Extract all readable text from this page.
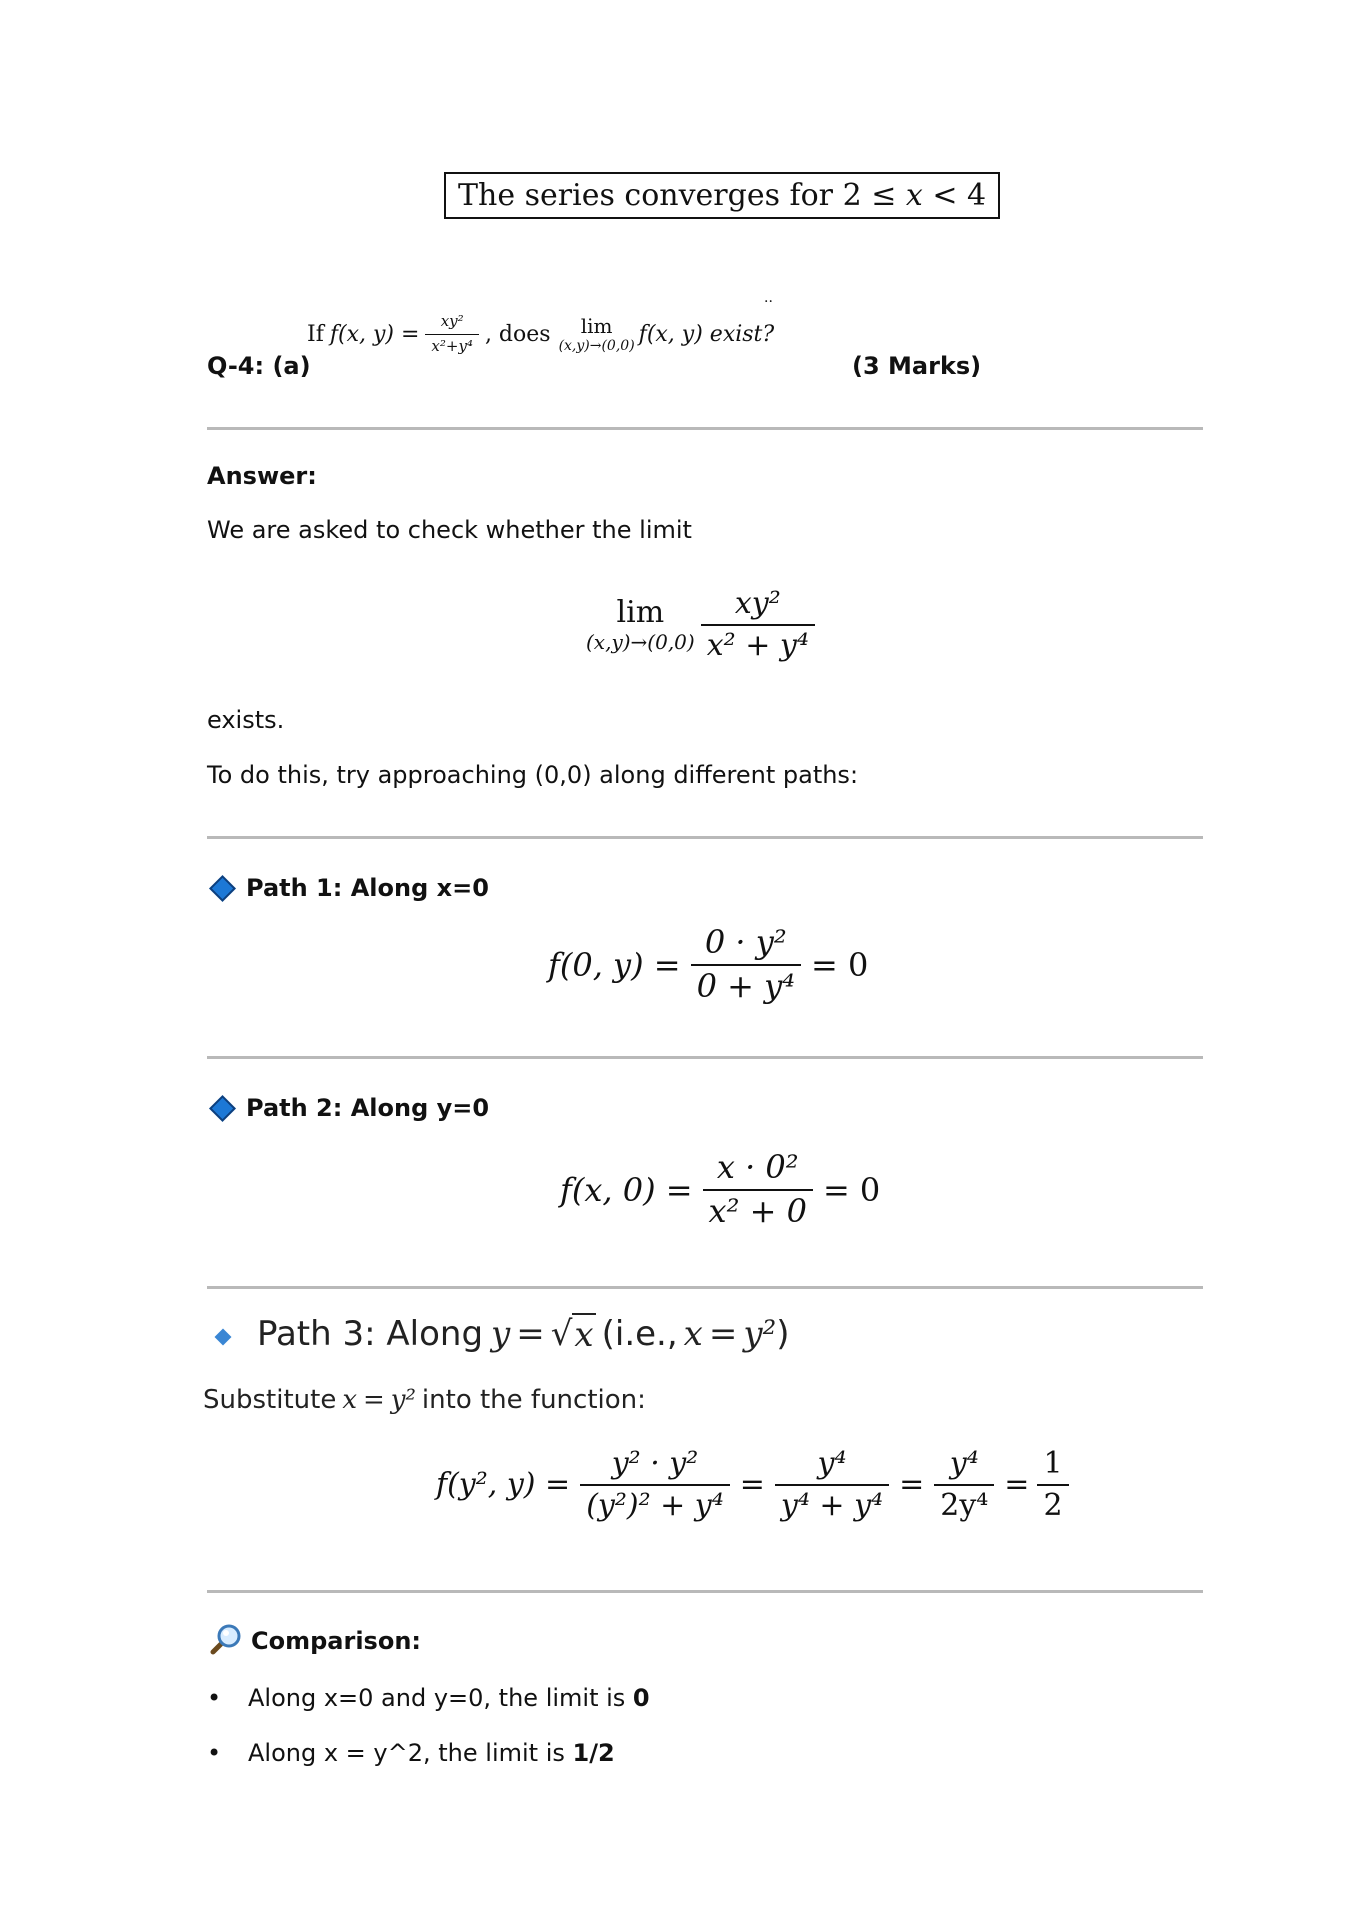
The series converges for 2 ≤ x < 4
Q-4: (a)	(3 Marks)
··
If f(x, $y) = \frac{\text{xy²}}{\text{x²+y⁴}}$ , does lim
(x,y)→(0,0) f(x, y) exist?
Answer:
We are asked to check whether the limit
lim
$(x,y)\to(0,0) \frac{\text{xy²}}{\text{x² + y⁴}}$
exists.
To do this, try approaching (0,0) along different paths:
Path 1: Along x=0
f(0, $y) = \frac{\text{0 · y²}}{\text{0 + y⁴}} = 0$
Path 2: Along y=0
f(x, $0) = \frac{\text{x · 0²}}{\text{x² + 0}} = 0$
Path 3: Along y = √ x (i.e., x = y² )
Substitute x = y² into the function:
f(y², $y) = \frac{\text{y² · y²}}{\text{(y²)² + y⁴}} = \frac{\text{y⁴}}{\text{y⁴ + y⁴}} = \frac{\text{y⁴}}{\text{2y⁴}} = \frac{1}{2}$
Comparison:
• Along x=0 and y=0, the limit is 0
• Along x = y^2, the limit is 1/2
